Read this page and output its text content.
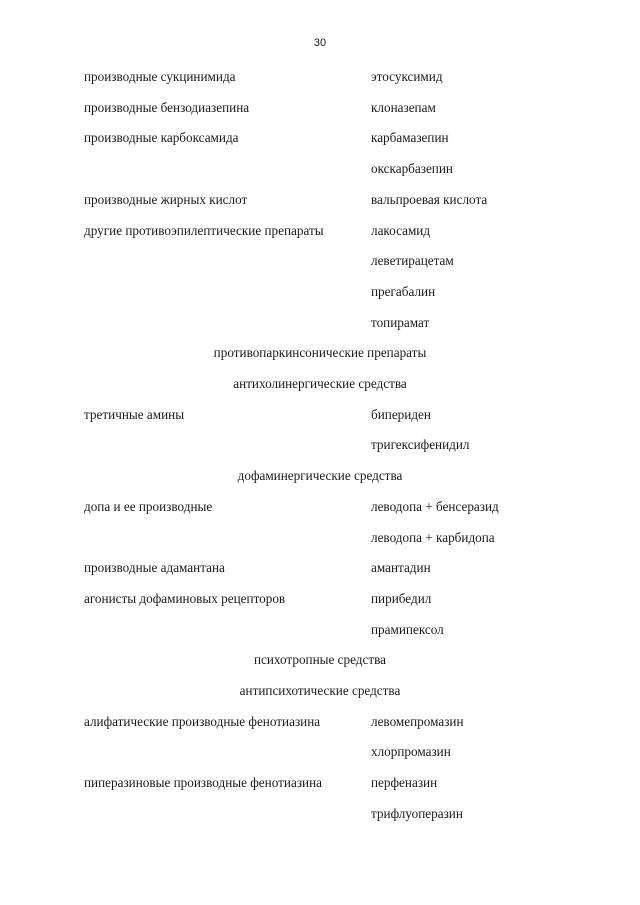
30
производные сукцинимида	этосуксимид
производные бензодиазепина	клоназепам
производные карбоксамида	карбамазепин
окскарбазепин
производные жирных кислот	вальпроевая кислота
другие противоэпилептические препараты	лакосамид
леветирацетам
прегабалин
топирамат
противопаркинсонические препараты
антихолинергические средства
третичные амины	бипериден
тригексифенидил
дофаминергические средства
допа и ее производные	леводопа + бенсеразид
леводопа + карбидопа
производные адамантана	амантадин
агонисты дофаминовых рецепторов	пирибедил
прамипексол
психотропные средства
антипсихотические средства
алифатические производные фенотиазина	левомепромазин
хлорпромазин
пиперазиновые производные фенотиазина	перфеназин
трифлуоперазин
